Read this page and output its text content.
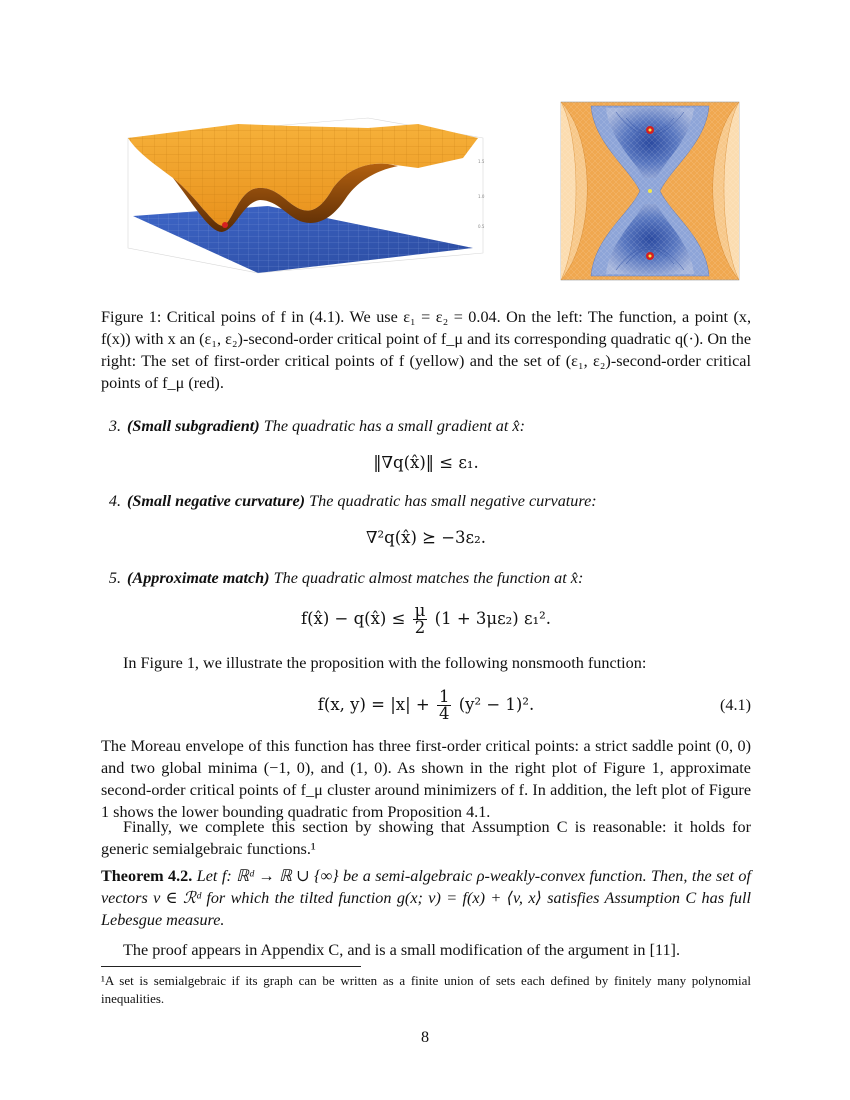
1.5
1.0
0.5
Figure 1: Critical poins of f in (4.1). We use ε₁ = ε₂ = 0.04. On the left: The function, a point (x, f(x)) with x an (ε₁, ε₂)-second-order critical point of f_μ and its corresponding quadratic q(·). On the right: The set of first-order critical points of f (yellow) and the set of (ε₁, ε₂)-second-order critical points of f_μ (red).
3. (Small subgradient) The quadratic has a small gradient at x̂:
‖∇q(x̂)‖ ≤ ε₁.
4. (Small negative curvature) The quadratic has small negative curvature:
∇²q(x̂) ⪰ −3ε₂.
5. (Approximate match) The quadratic almost matches the function at x̂:
f(x̂) − q(x̂) ≤ $\frac{\mu}{2} (1 + 3\mu\varepsilon_2)$ ε₁².
In Figure 1, we illustrate the proposition with the following nonsmooth function:
f(x, $y) = |x| + \frac{1}{4} (y^2 - 1)^2$.	(4.1)
The Moreau envelope of this function has three first-order critical points: a strict saddle point (0, 0) and two global minima (−1, 0), and (1, 0). As shown in the right plot of Figure 1, approximate second-order critical points of f_μ cluster around minimizers of f. In addition, the left plot of Figure 1 shows the lower bounding quadratic from Proposition 4.1.
Finally, we complete this section by showing that Assumption C is reasonable: it holds for generic semialgebraic functions.¹
Theorem 4.2. Let f: ℝᵈ → ℝ ∪ {∞} be a semi-algebraic ρ-weakly-convex function. Then, the set of vectors v ∈ ℛᵈ for which the tilted function g(x; v) = f(x) + ⟨v, x⟩ satisfies Assumption C has full Lebesgue measure.
The proof appears in Appendix C, and is a small modification of the argument in [11].
¹A set is semialgebraic if its graph can be written as a finite union of sets each defined by finitely many polynomial inequalities.
8
